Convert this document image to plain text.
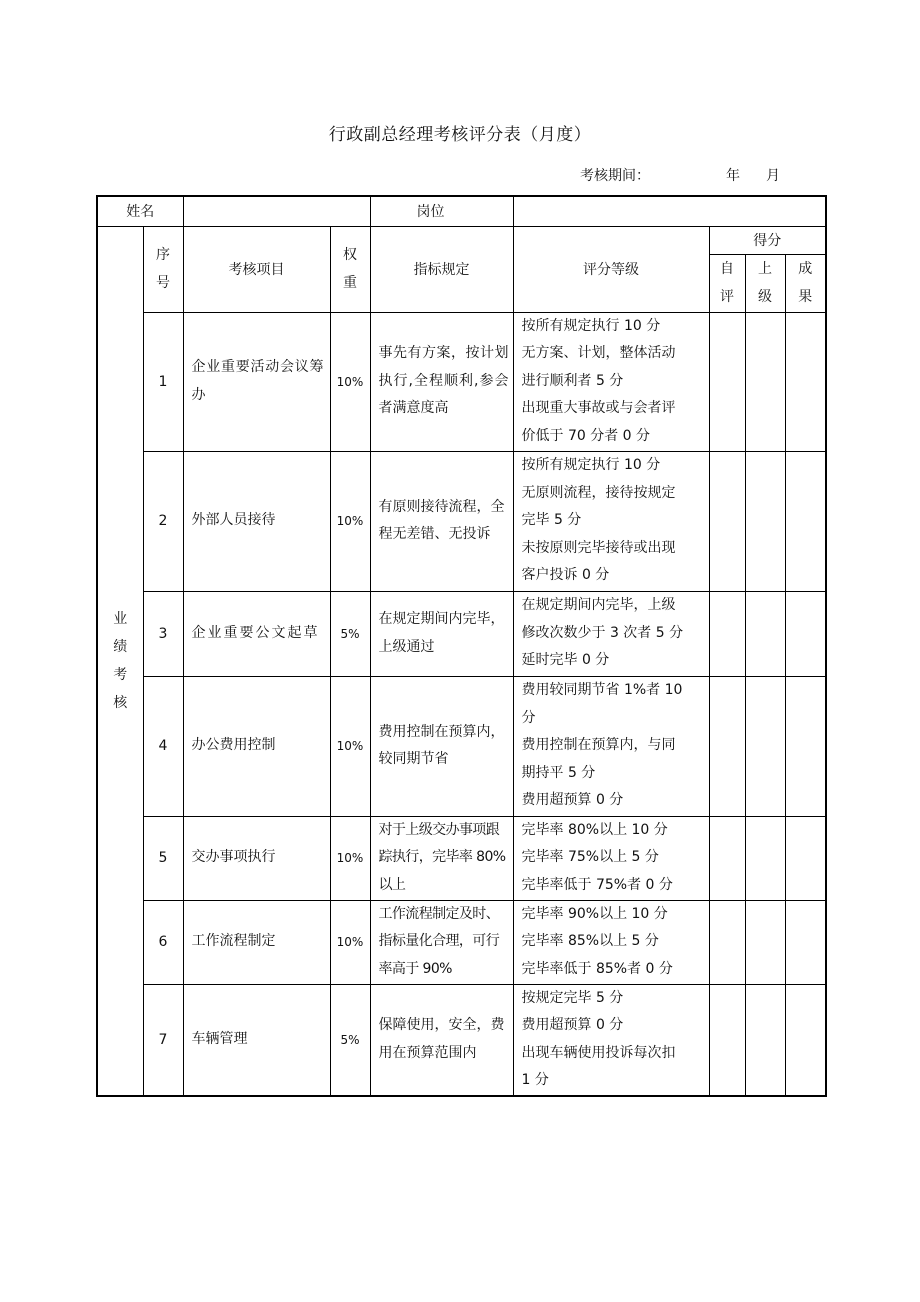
行政副总经理考核评分表（月度）
考核期间：	年 月
姓名				岗位				

业绩考核	序号	考核项目	权重	指标规定	评分等级	得分		

						自评	上级	成果

	1	企业重要活动会议筹办	10%	事先有方案，按计划执行,全程顺利,参会者满意度高	按所有规定执行 10 分
无方案、计划，整体活动
进行顺利者 5 分
出现重大事故或与会者评
价低于 70 分者 0 分			

	2	外部人员接待	10%	有原则接待流程，全程无差错、无投诉	按所有规定执行 10 分
无原则流程，接待按规定
完毕 5 分
未按原则完毕接待或出现
客户投诉 0 分			

	3	企业重要公文起草	5%	在规定期间内完毕，上级通过	在规定期间内完毕，上级
修改次数少于 3 次者 5 分
延时完毕 0 分			

	4	办公费用控制	10%	费用控制在预算内，较同期节省	费用较同期节省 1%者 10
分
费用控制在预算内，与同
期持平 5 分
费用超预算 0 分			

	5	交办事项执行	10%	对于上级交办事项跟踪执行，完毕率 80%以上	完毕率 80%以上 10 分
完毕率 75%以上 5 分
完毕率低于 75%者 0 分			

	6	工作流程制定	10%	工作流程制定及时、指标量化合理，可行率高于 90%	完毕率 90%以上 10 分
完毕率 85%以上 5 分
完毕率低于 85%者 0 分			

	7	车辆管理	5%	保障使用，安全，费用在预算范围内	按规定完毕 5 分
费用超预算 0 分
出现车辆使用投诉每次扣
1 分			
